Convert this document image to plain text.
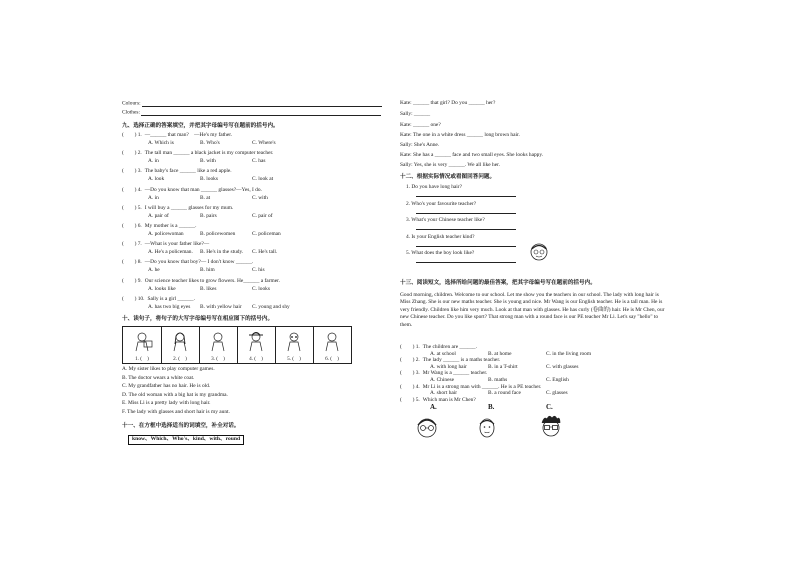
Colours:
Clothes:
九、选择正确的答案填空，并把其字母编号写在题前的括号内。
(　　) 1. —______ that man?　—He's my father.
A. Which is	B. Who's	C. Where's
(　　) 2. The tall man ______ a black jacket is my computer teacher.
A. in	B. with	C. has
(　　) 3. The baby's face ______ like a red apple.
A. look	B. looks	C. look at
(　　) 4. —Do you know that man ______ glasses?—Yes, I do.
A. in	B. at	C. with
(　　) 5. I will buy a ______ glasses for my mum.
A. pair of	B. pairs	C. pair of
(　　) 6. My mother is a ______.
A. policewoman	B. policewomen	C. policeman
(　　) 7. —What is your father like?—
A. He's a policeman. B. He's in the study. C. He's tall.
(　　) 8. —Do you know that boy?— I don't know ______.
A. he	B. him	C. his
(　　) 9. Our science teacher likes to grow flowers. He______ a farmer.
A. looks like	B. likes	C. looks
(　　) 10. Sally is a girl ______.
A. has two big eyes B. with yellow hair C. young and shy
十、读句子，将句子的大写字母编号写在相应图下的括号内。
1. (　)	2. (　)	3. (　)	4. (　)	5. (　)	6. (　)
A. My sister likes to play computer games.
B. The doctor wears a white coat.
C. My grandfather has no hair. He is old.
D. The old woman with a big hat is my grandma.
E. Miss Li is a pretty lady with long hair.
F. The lady with glasses and short hair is my aunt.
十一、在方框中选择适当的词填空，补全对话。
know、Which、Who's、kind、with、round
Kate: ______ that girl? Do you ______ her?
Sally: ______
Kate: ______ one?
Kate: The one in a white dress ______ long brown hair.
Sally: She's Anne.
Kate: She has a ______ face and two small eyes. She looks happy.
Sally: Yes, she is very ______. We all like her.
十二、根据实际情况或看图回答问题。
1. Do you have long hair?
2. Who's your favourite teacher?
3. What's your Chinese teacher like?
4. Is your English teacher kind?
5. What does the boy look like?
十三、阅读短文，选择所给问题的最佳答案，把其字母编号写在题前的括号内。
Good morning, children. Welcome to our school. Let me show you the teachers in our school. The lady with long hair is Miss Zhang. She is our new maths teacher. She is young and nice. Mr Wang is our English teacher. He is a tall man. He is very friendly. Children like him very much. Look at that man with glasses. He has curly (卷曲的) hair. He is Mr Chen, our new Chinese teacher. Do you like sport? That strong man with a round face is our PE teacher Mr Li. Let's say "hello" to them.
(　　) 1. The children are ______.
A. at school	B. at home	C. in the living room
(　　) 2. The lady ______ is a maths teacher.
A. with long hair	B. in a T-shirt	C. with glasses
(　　) 3. Mr Wang is a ______ teacher.
A. Chinese	B. maths	C. English
(　　) 4. Mr Li is a strong man with ______. He is a PE teacher.
A. short hair	B. a round face	C. glasses
(　　) 5. Which man is Mr Chen?
A.	B.	C.
